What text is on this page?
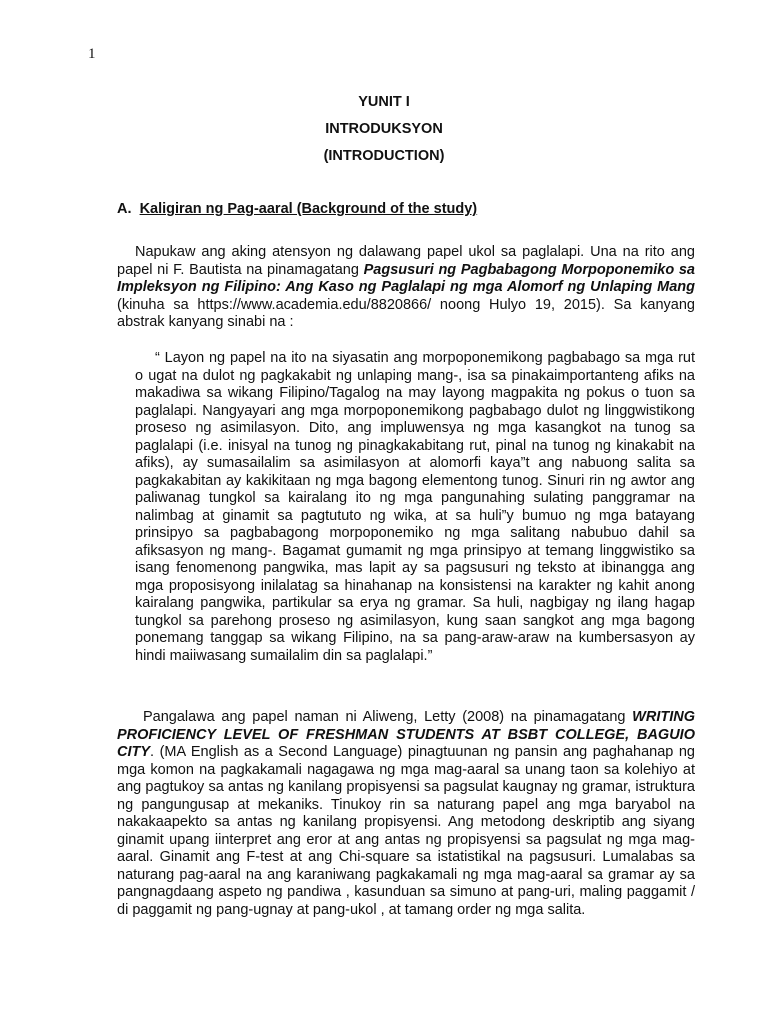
1
YUNIT I
INTRODUKSYON
(INTRODUCTION)
A. Kaligiran ng Pag-aaral (Background of the study)

Napukaw ang aking atensyon ng dalawang papel ukol sa paglalapi. Una na rito ang papel ni F. Bautista na pinamagatang Pagsusuri ng Pagbabagong Morpoponemiko sa Impleksyon ng Filipino: Ang Kaso ng Paglalapi ng mga Alomorf ng Unlaping Mang (kinuha sa https://www.academia.edu/8820866/ noong Hulyo 19, 2015). Sa kanyang abstrak kanyang sinabi na :

“ Layon ng papel na ito na siyasatin ang morpoponemikong pagbabago sa mga rut o ugat na dulot ng pagkakabit ng unlaping mang-, isa sa pinakaimportanteng afiks na makadiwa sa wikang Filipino/Tagalog na may layong magpakita ng pokus o tuon sa paglalapi. Nangyayari ang mga morpoponemikong pagbabago dulot ng linggwistikong proseso ng asimilasyon. Dito, ang impluwensya ng mga kasangkot na tunog sa paglalapi (i.e. inisyal na tunog ng pinagkakabitang rut, pinal na tunog ng kinakabit na afiks), ay sumasailalim sa asimilasyon at alomorfi kaya”t ang nabuong salita sa pagkakabitan ay kakikitaan ng mga bagong elementong tunog. Sinuri rin ng awtor ang paliwanag tungkol sa kairalang ito ng mga pangunahing sulating panggramar na nalimbag at ginamit sa pagtututo ng wika, at sa huli”y bumuo ng mga batayang prinsipyo sa pagbabagong morpoponemiko ng mga salitang nabubuo dahil sa afiksasyon ng mang-. Bagamat gumamit ng mga prinsipyo at temang linggwistiko sa isang fenomenong pangwika, mas lapit ay sa pagsusuri ng teksto at ibinangga ang mga proposisyong inilalatag sa hinahanap na konsistensi na karakter ng kahit anong kairalang pangwika, partikular sa erya ng gramar. Sa huli, nagbigay ng ilang hagap tungkol sa parehong proseso ng asimilasyon, kung saan sangkot ang mga bagong ponemang tanggap sa wikang Filipino, na sa pang-araw-araw na kumbersasyon ay hindi maiiwasang sumailalim din sa paglalapi.”

Pangalawa ang papel naman ni Aliweng, Letty (2008) na pinamagatang WRITING PROFICIENCY LEVEL OF FRESHMAN STUDENTS AT BSBT COLLEGE, BAGUIO CITY. (MA English as a Second Language) pinagtuunan ng pansin ang paghahanap ng mga komon na pagkakamali nagagawa ng mga mag-aaral sa unang taon sa kolehiyo at ang pagtukoy sa antas ng kanilang propisyensi sa pagsulat kaugnay ng gramar, istruktura ng pangungusap at mekaniks. Tinukoy rin sa naturang papel ang mga baryabol na nakakaapekto sa antas ng kanilang propisyensi. Ang metodong deskriptib ang siyang ginamit upang iinterpret ang eror at ang antas ng propisyensi sa pagsulat ng mga mag-aaral. Ginamit ang F-test at ang Chi-square sa istatistikal na pagsusuri. Lumalabas sa naturang pag-aaral na ang karaniwang pagkakamali ng mga mag-aaral sa gramar ay sa pangnagdaang aspeto ng pandiwa , kasunduan sa simuno at pang-uri, maling paggamit / di paggamit ng pang-ugnay at pang-ukol , at tamang order ng mga salita.
